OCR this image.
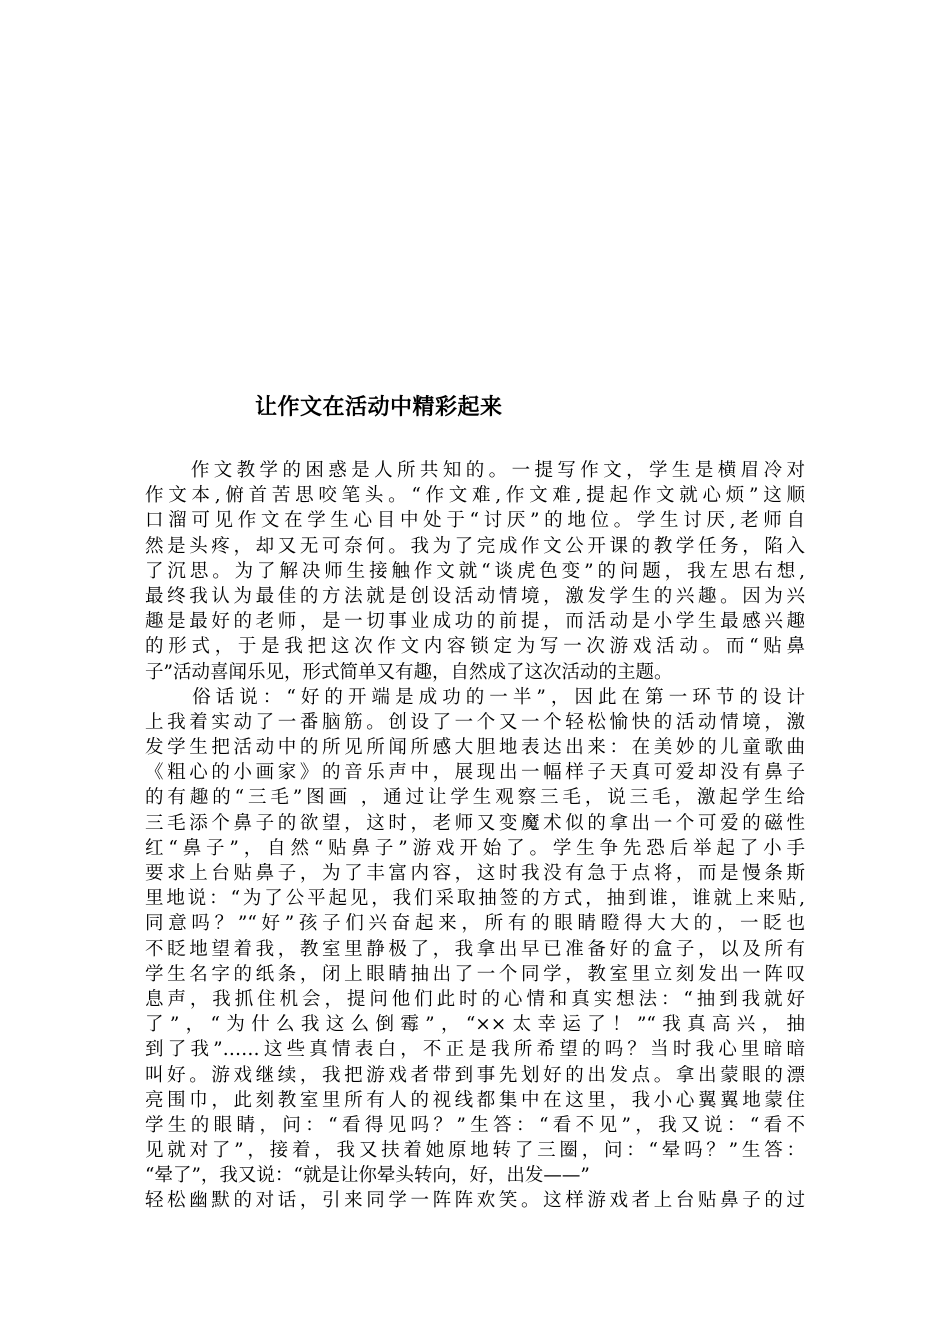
让作文在活动中精彩起来
　　作文教学的困惑是人所共知的。一提写作文，学生是横眉冷对
作文本,俯首苦思咬笔头。“作文难,作文难,提起作文就心烦”这顺
口溜可见作文在学生心目中处于“讨厌”的地位。学生讨厌,老师自
然是头疼，却又无可奈何。我为了完成作文公开课的教学任务，陷入
了沉思。为了解决师生接触作文就“谈虎色变”的问题，我左思右想,
最终我认为最佳的方法就是创设活动情境，激发学生的兴趣。因为兴
趣是最好的老师，是一切事业成功的前提，而活动是小学生最感兴趣
的形式，于是我把这次作文内容锁定为写一次游戏活动。而“贴鼻
子”活动喜闻乐见，形式简单又有趣，自然成了这次活动的主题。
　　俗话说：“好的开端是成功的一半”，因此在第一环节的设计
上我着实动了一番脑筋。创设了一个又一个轻松愉快的活动情境，激
发学生把活动中的所见所闻所感大胆地表达出来：在美妙的儿童歌曲
《粗心的小画家》的音乐声中，展现出一幅样子天真可爱却没有鼻子
的有趣的“三毛”图画 ，通过让学生观察三毛，说三毛，激起学生给
三毛添个鼻子的欲望，这时，老师又变魔术似的拿出一个可爱的磁性
红“鼻子”，自然“贴鼻子”游戏开始了。学生争先恐后举起了小手
要求上台贴鼻子，为了丰富内容，这时我没有急于点将，而是慢条斯
里地说：“为了公平起见，我们采取抽签的方式，抽到谁，谁就上来贴,
同意吗？”“好”孩子们兴奋起来，所有的眼睛瞪得大大的，一眨也
不眨地望着我，教室里静极了，我拿出早已准备好的盒子，以及所有
学生名字的纸条，闭上眼睛抽出了一个同学，教室里立刻发出一阵叹
息声，我抓住机会，提问他们此时的心情和真实想法：“抽到我就好
了”，“为什么我这么倒霉”，“××太幸运了！”“我真高兴，抽
到了我”……这些真情表白，不正是我所希望的吗？当时我心里暗暗
叫好。游戏继续，我把游戏者带到事先划好的出发点。拿出蒙眼的漂
亮围巾，此刻教室里所有人的视线都集中在这里，我小心翼翼地蒙住
学生的眼睛，问：“看得见吗？”生答：“看不见”，我又说：“看不
见就对了”，接着，我又扶着她原地转了三圈，问：“晕吗？”生答：
“晕了”，我又说：“就是让你晕头转向，好，出发——”
轻松幽默的对话，引来同学一阵阵欢笑。这样游戏者上台贴鼻子的过
